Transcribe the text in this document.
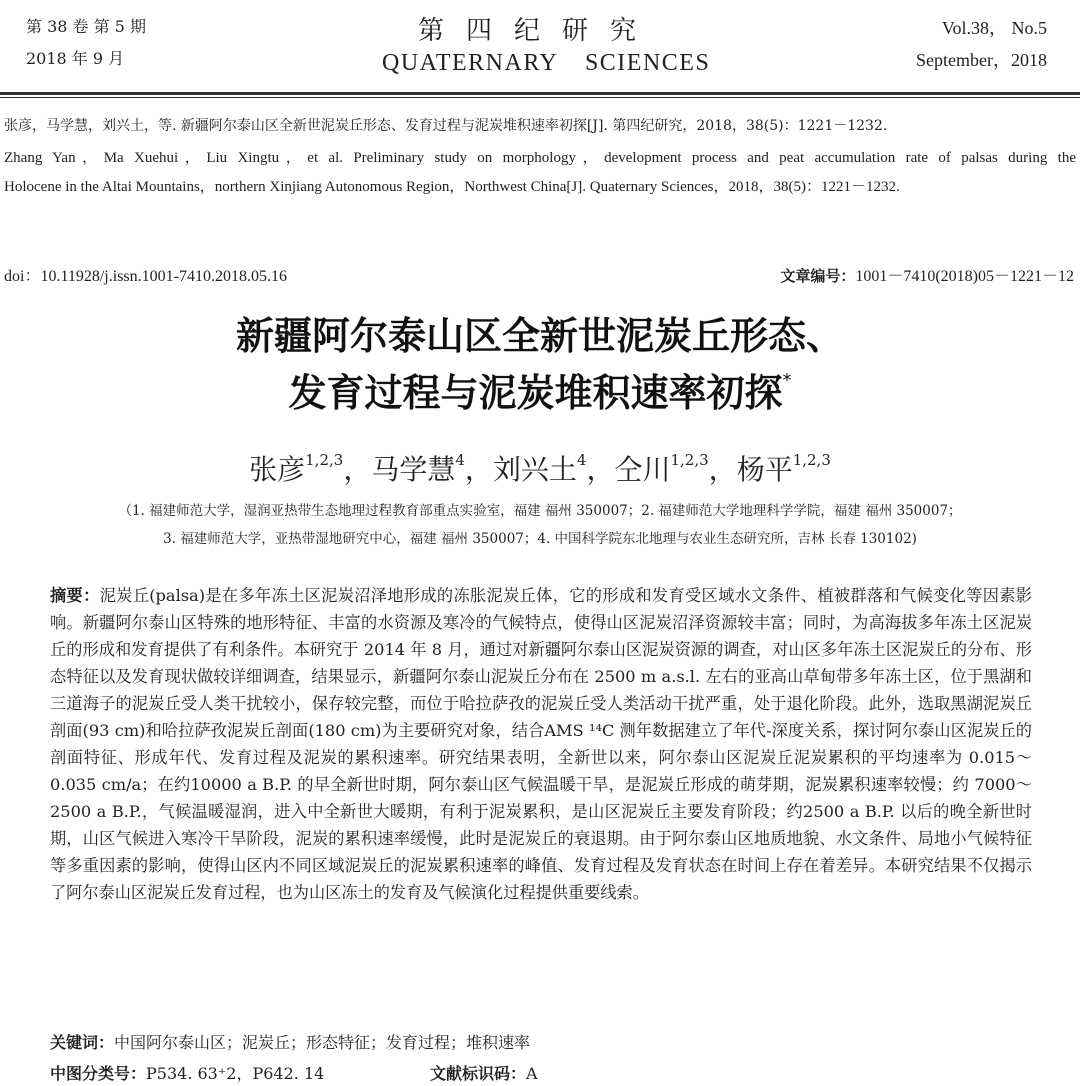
第 38 卷 第 5 期
2018 年 9 月
第四纪研究
QUATERNARY SCIENCES
Vol.38， No.5
September，2018
张彦，马学慧，刘兴土，等. 新疆阿尔泰山区全新世泥炭丘形态、发育过程与泥炭堆积速率初探[J]. 第四纪研究，2018，38(5)：1221－1232.
Zhang Yan，Ma Xuehui，Liu Xingtu，et al. Preliminary study on morphology，development process and peat accumulation rate of palsas during the
Holocene in the Altai Mountains，northern Xinjiang Autonomous Region，Northwest China[J]. Quaternary Sciences，2018，38(5)：1221－1232.
doi：10.11928/j.issn.1001-7410.2018.05.16	文章编号：1001－7410(2018)05－1221－12
新疆阿尔泰山区全新世泥炭丘形态、
发育过程与泥炭堆积速率初探*
张彦$^{1,2,3}$，马学慧$^4$，刘兴土$^4$，仝川$^{1,2,3}$，杨平$^{1,2,3}$
（1. 福建师范大学，湿润亚热带生态地理过程教育部重点实验室，福建 福州 350007；2. 福建师范大学地理科学学院，福建 福州 350007；
3. 福建师范大学，亚热带湿地研究中心，福建 福州 350007；4. 中国科学院东北地理与农业生态研究所，吉林 长春 130102)
摘要：泥炭丘(palsa)是在多年冻土区泥炭沼泽地形成的冻胀泥炭丘体，它的形成和发育受区域水文条件、植被群落和气候变化等因素影响。新疆阿尔泰山区特殊的地形特征、丰富的水资源及寒冷的气候特点，使得山区泥炭沼泽资源较丰富；同时，为高海拔多年冻土区泥炭丘的形成和发育提供了有利条件。本研究于 2014 年 8 月，通过对新疆阿尔泰山区泥炭资源的调查，对山区多年冻土区泥炭丘的分布、形态特征以及发育现状做较详细调查，结果显示，新疆阿尔泰山泥炭丘分布在 2500 m a.s.l. 左右的亚高山草甸带多年冻土区，位于黑湖和三道海子的泥炭丘受人类干扰较小，保存较完整，而位于哈拉萨孜的泥炭丘受人类活动干扰严重，处于退化阶段。此外，选取黑湖泥炭丘剖面(93 cm)和哈拉萨孜泥炭丘剖面(180 cm)为主要研究对象，结合AMS ¹⁴C 测年数据建立了年代-深度关系，探讨阿尔泰山区泥炭丘的剖面特征、形成年代、发育过程及泥炭的累积速率。研究结果表明，全新世以来，阿尔泰山区泥炭丘泥炭累积的平均速率为 0.015～0.035 cm/a；在约10000 a B.P. 的早全新世时期，阿尔泰山区气候温暖干旱，是泥炭丘形成的萌芽期，泥炭累积速率较慢；约 7000～2500 a B.P.，气候温暖湿润，进入中全新世大暖期，有利于泥炭累积，是山区泥炭丘主要发育阶段；约2500 a B.P. 以后的晚全新世时期，山区气候进入寒冷干旱阶段，泥炭的累积速率缓慢，此时是泥炭丘的衰退期。由于阿尔泰山区地质地貌、水文条件、局地小气候特征等多重因素的影响，使得山区内不同区域泥炭丘的泥炭累积速率的峰值、发育过程及发育状态在时间上存在着差异。本研究结果不仅揭示了阿尔泰山区泥炭丘发育过程，也为山区冻土的发育及气候演化过程提供重要线索。
关键词：中国阿尔泰山区；泥炭丘；形态特征；发育过程；堆积速率
中图分类号：P534. 63⁺2，P642. 14	文献标识码：A
